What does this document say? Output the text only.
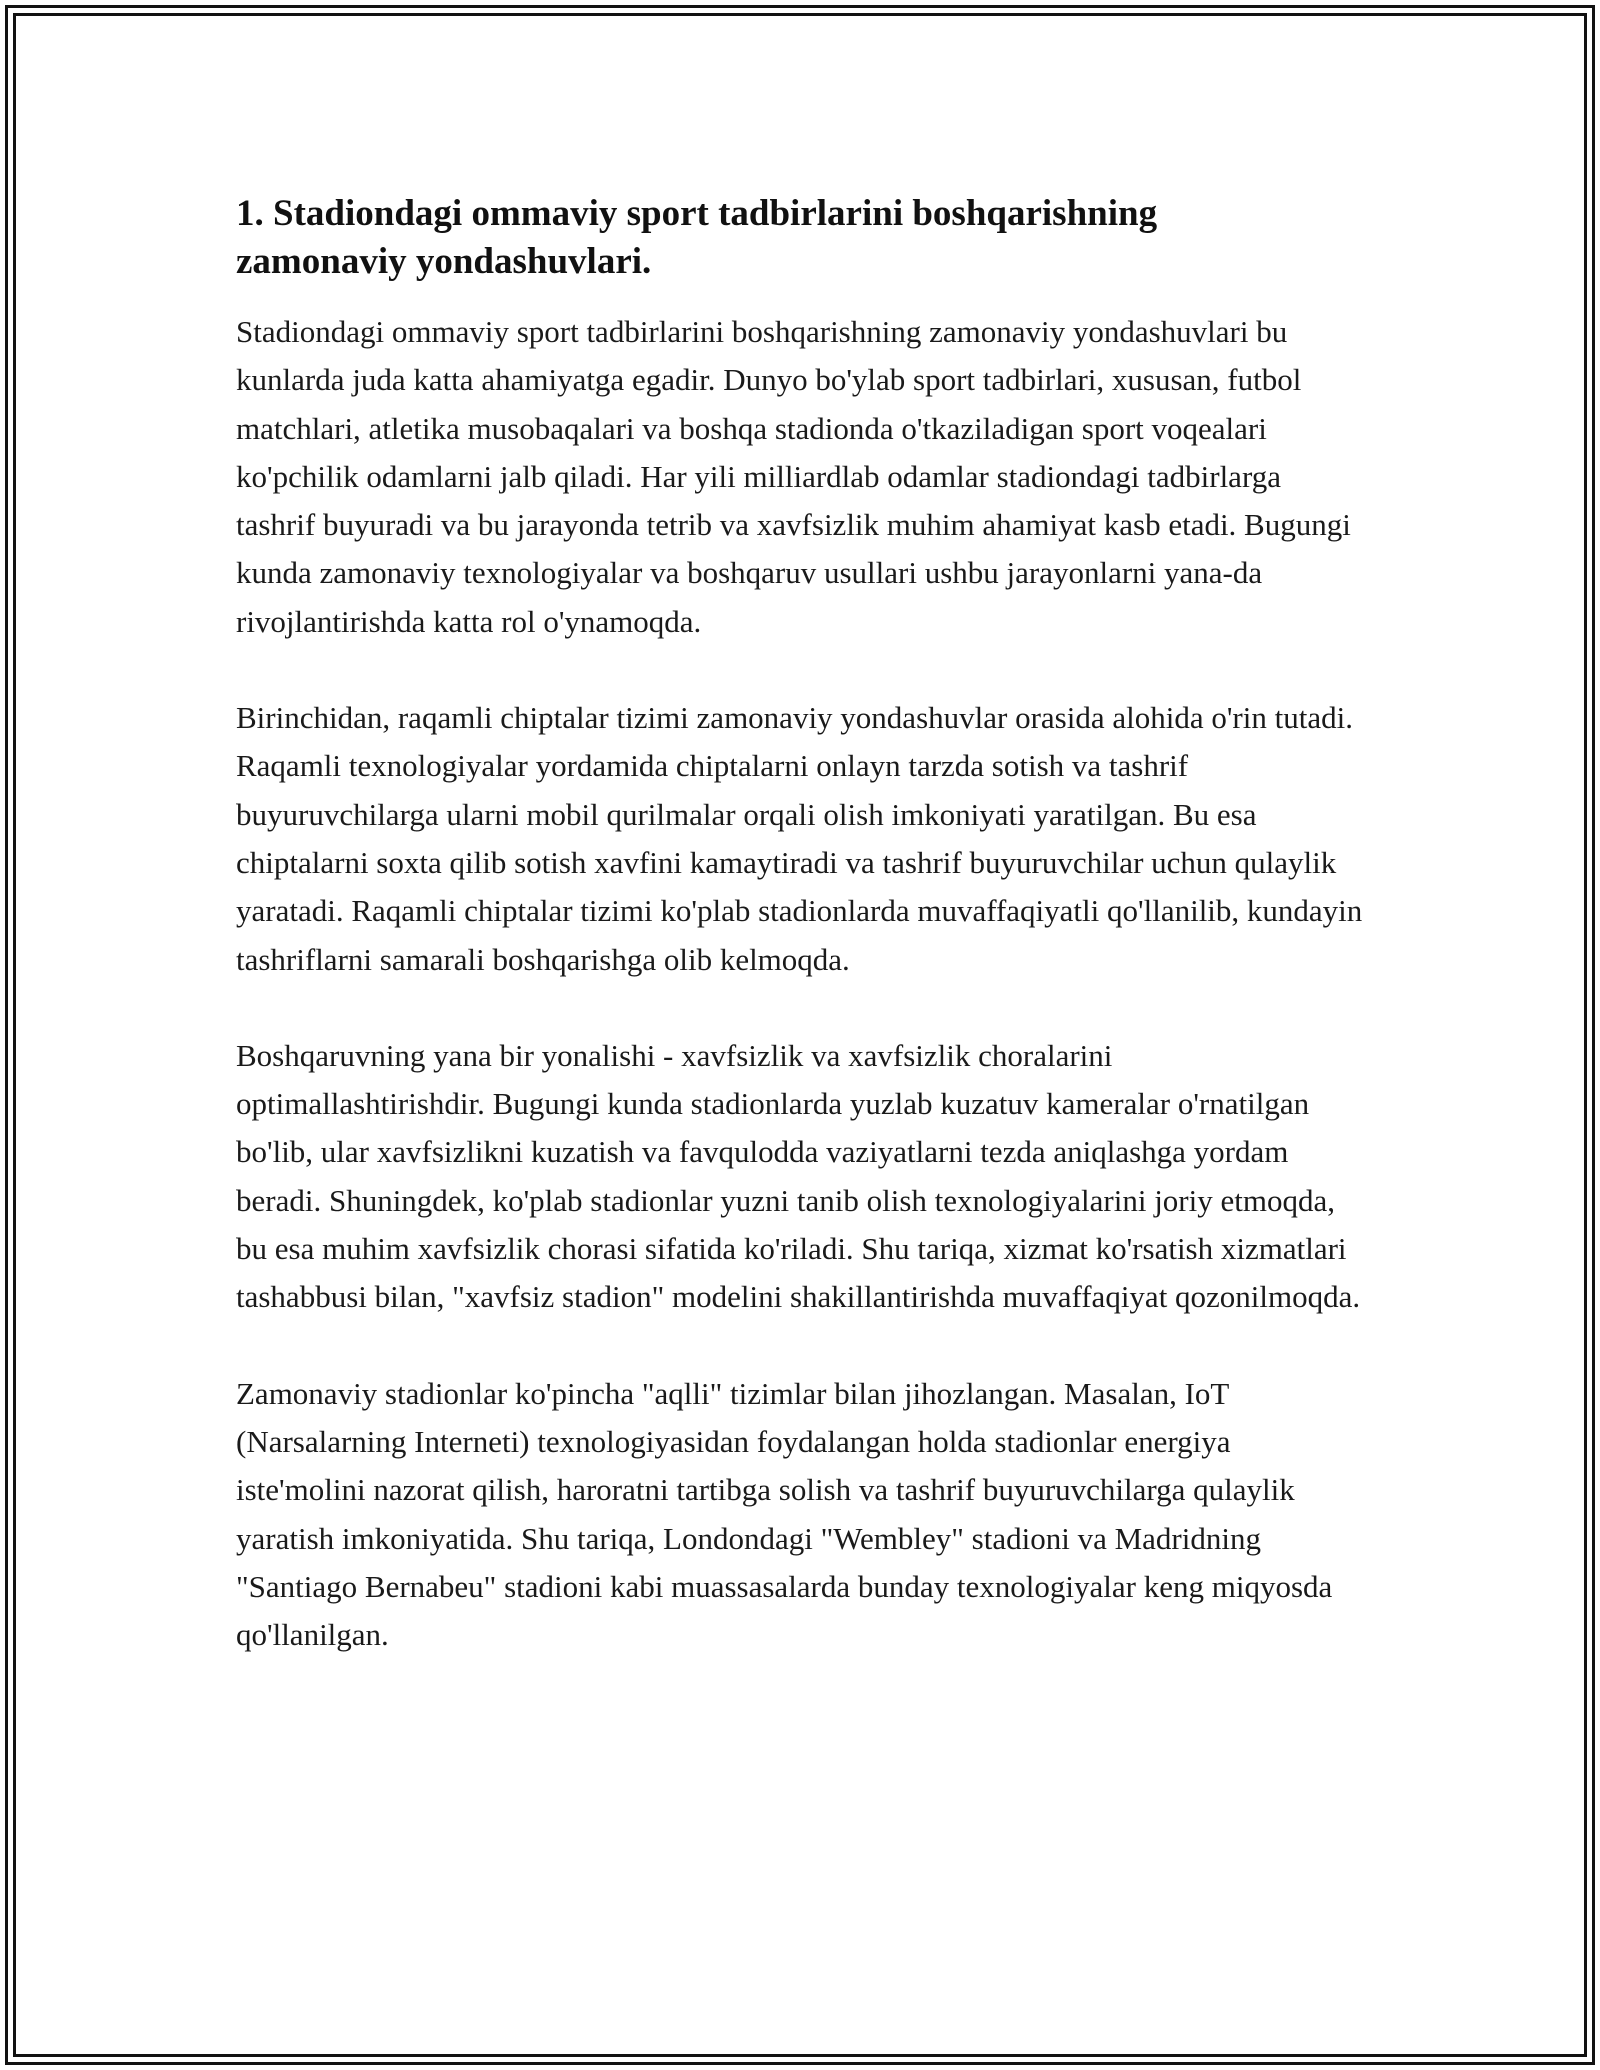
1. Stadiondagi ommaviy sport tadbirlarini boshqarishning zamonaviy yondashuvlari.

Stadiondagi ommaviy sport tadbirlarini boshqarishning zamonaviy yondashuvlari bu kunlarda juda katta ahamiyatga egadir. Dunyo bo'ylab sport tadbirlari, xususan, futbol matchlari, atletika musobaqalari va boshqa stadionda o'tkaziladigan sport voqealari ko'pchilik odamlarni jalb qiladi. Har yili milliardlab odamlar stadiondagi tadbirlarga tashrif buyuradi va bu jarayonda tetrib va xavfsizlik muhim ahamiyat kasb etadi. Bugungi kunda zamonaviy texnologiyalar va boshqaruv usullari ushbu jarayonlarni yana-da rivojlantirishda katta rol o'ynamoqda.

Birinchidan, raqamli chiptalar tizimi zamonaviy yondashuvlar orasida alohida o'rin tutadi. Raqamli texnologiyalar yordamida chiptalarni onlayn tarzda sotish va tashrif buyuruvchilarga ularni mobil qurilmalar orqali olish imkoniyati yaratilgan. Bu esa chiptalarni soxta qilib sotish xavfini kamaytiradi va tashrif buyuruvchilar uchun qulaylik yaratadi. Raqamli chiptalar tizimi ko'plab stadionlarda muvaffaqiyatli qo'llanilib, kundayin tashriflarni samarali boshqarishga olib kelmoqda.

Boshqaruvning yana bir yonalishi - xavfsizlik va xavfsizlik choralarini optimallashtirishdir. Bugungi kunda stadionlarda yuzlab kuzatuv kameralar o'rnatilgan bo'lib, ular xavfsizlikni kuzatish va favqulodda vaziyatlarni tezda aniqlashga yordam beradi. Shuningdek, ko'plab stadionlar yuzni tanib olish texnologiyalarini joriy etmoqda, bu esa muhim xavfsizlik chorasi sifatida ko'riladi. Shu tariqa, xizmat ko'rsatish xizmatlari tashabbusi bilan, "xavfsiz stadion" modelini shakillantirishda muvaffaqiyat qozonilmoqda.

Zamonaviy stadionlar ko'pincha "aqlli" tizimlar bilan jihozlangan. Masalan, IoT (Narsalarning Interneti) texnologiyasidan foydalangan holda stadionlar energiya iste'molini nazorat qilish, haroratni tartibga solish va tashrif buyuruvchilarga qulaylik yaratish imkoniyatida. Shu tariqa, Londondagi "Wembley" stadioni va Madridning "Santiago Bernabeu" stadioni kabi muassasalarda bunday texnologiyalar keng miqyosda qo'llanilgan.
